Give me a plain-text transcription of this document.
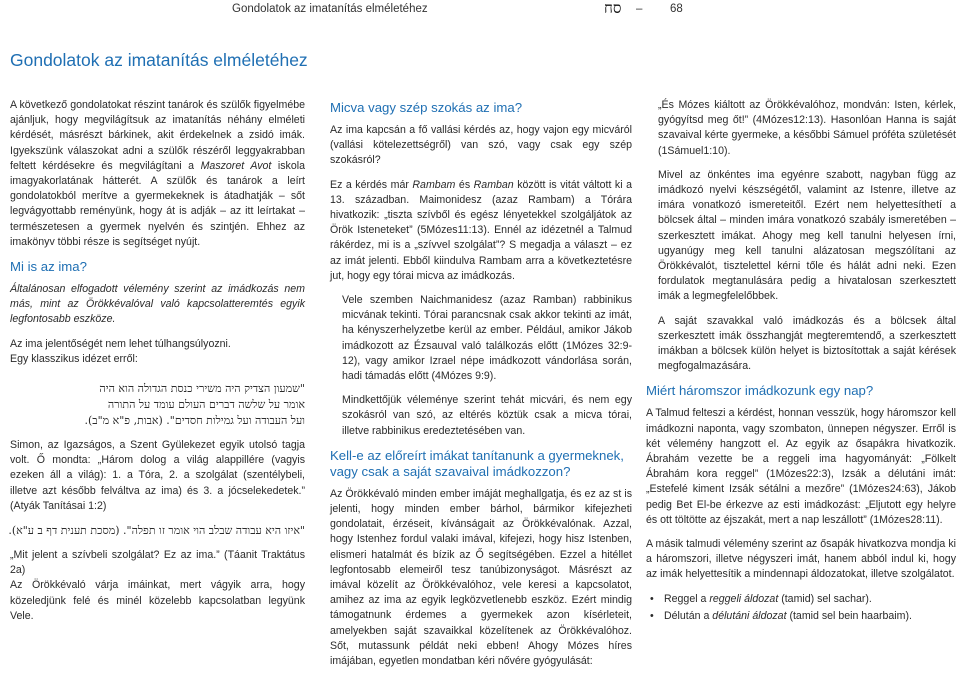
Gondolatok az imatanítás elméletéhez	סח – 68
Gondolatok az imatanítás elméletéhez

A következő gondolatokat részint tanárok és szülők figyelmébe ajánljuk, hogy megvilágítsuk az imatanítás néhány elméleti kérdését, másrészt bárkinek, akit érdekelnek a zsidó imák. Igyekszünk válaszokat adni a szülők részéről leggyakrabban feltett kérdésekre és megvilágítani a Maszoret Avot iskola imagyakorlatának hátterét. A szülők és tanárok a leírt gondolatokból merítve a gyermekeknek is átadhatják – sőt legvágyottabb reményünk, hogy át is adják – az itt leírtakat – természetesen a gyermek nyelvén és szintjén. Ehhez az imakönyv többi része is segítséget nyújt.

Mi is az ima?

Általánosan elfogadott vélemény szerint az imádkozás nem más, mint az Örökkévalóval való kapcsolatteremtés egyik legfontosabb eszköze.

Az ima jelentőségét nem lehet túlhangsúlyozni.
Egy klasszikus idézet erről:

"שמעון הצדיק היה משירי כנסת הגדולה הוא היה
אומר על שלשה דברים העולם עומד על התורה
ועל העבודה ועל גמילות חסדים". (אבות, פ"א מ"ב).

Simon, az Igazságos, a Szent Gyülekezet egyik utolsó tagja volt. Ő mondta: „Három dolog a világ alappillére (vagyis ezeken áll a világ): 1. a Tóra, 2. a szolgálat (szentélybeli, illetve azt később felváltva az ima) és 3. a jócselekedetek.” (Atyák Tanításai 1:2)

"איזו היא עבודה שבלב הוי אומר זו תפלה". (מסכת תענית דף ב ע"א).

„Mit jelent a szívbeli szolgálat? Ez az ima.” (Táanit Traktátus 2a)

Az Örökkévaló várja imáinkat, mert vágyik arra, hogy közeledjünk felé és minél közelebb kapcsolatban legyünk Vele.

Micva vagy szép szokás az ima?

Az ima kapcsán a fő vallási kérdés az, hogy vajon egy micváról (vallási kötelezettségről) van szó, vagy csak egy szép szokásról?

Ez a kérdés már Rambam és Ramban között is vitát váltott ki a 13. században. Maimonidesz (azaz Rambam) a Tórára hivatkozik: „tiszta szívből és egész lényetekkel szolgáljátok az Örök Isteneteket” (5Mózes11:13). Ennél az idézetnél a Talmud rákérdez, mi is a „szívvel szolgálat”? S megadja a választ – ez az imát jelenti. Ebből kiindulva Rambam arra a következtetésre jut, hogy egy tórai micva az imádkozás.

Vele szemben Naichmanidesz (azaz Ramban) rabbinikus micvának tekinti. Tórai parancsnak csak akkor tekinti az imát, ha kényszerhelyzetbe kerül az ember. Például, amikor Jákob imádkozott az Ézsauval való találkozás előtt (1Mózes 32:9-12), vagy amikor Izrael népe imádkozott vándorlása során, hadi támadás előtt (4Mózes 9:9).

Mindkettőjük véleménye szerint tehát micvári, és nem egy szokásról van szó, az eltérés köztük csak a micva tórai, illetve rabbinikus eredeztetésében van.

Kell-e az előreírt imákat tanítanunk a gyermeknek, vagy csak a saját szavaival imádkozzon?

Az Örökkévaló minden ember imáját meghallgatja, és ez az st is jelenti, hogy minden ember bárhol, bármikor kifejezheti gondolatait, érzéseit, kívánságait az Örökkévalónak. Azzal, hogy Istenhez fordul valaki imával, kifejezi, hogy hisz Istenben, elismeri hatalmát és bízik az Ő segítségében. Ezzel a hitéllet legfontosabb elemeiről tesz tanúbizonyságot. Másrészt az imával közelít az Örökkévalóhoz, vele keresi a kapcsolatot, amihez az ima az egyik legközvetlenebb eszköz. Ezért mindig támogatnunk érdemes a gyermekek azon kísérleteit, amelyekben saját szavaikkal közelítenek az Örökkévalóhoz. Sőt, mutassunk példát neki ebben! Ahogy Mózes híres imájában, egyetlen mondatban kéri nővére gyógyulását:

„És Mózes kiáltott az Örökkévalóhoz, mondván: Isten, kérlek, gyógyítsd meg őt!” (4Mózes12:13). Hasonlóan Hanna is saját szavaival kérte gyermeke, a későbbi Sámuel próféta születését (1Sámuel1:10).

Mivel az önkéntes ima egyénre szabott, nagyban függ az imádkozó nyelvi készségétől, valamint az Istenre, illetve az imára vonatkozó ismereteitől. Ezért nem helyettesíthetí a bölcsek által – minden imára vonatkozó szabály ismeretében – szerkesztett imákat. Ahogy meg kell tanulni helyesen írni, ugyanúgy meg kell tanulni alázatosan megszólítani az Örökkévalót, tisztelettel kérni tőle és hálát adni neki. Ezen fordulatok megtanulására pedig a hivatalosan szerkesztett imák a legmegfelelőbbek.

A saját szavakkal való imádkozás és a bölcsek által szerkesztett imák összhangját megteremtendő, a szerkesztett imákban a bölcsek külön helyet is biztosítottak a saját kérések megfogalmazására.

Miért háromszor imádkozunk egy nap?

A Talmud felteszi a kérdést, honnan vesszük, hogy háromszor kell imádkozni naponta, vagy szombaton, ünnepen négyszer. Erről is két vélemény hangzott el. Az egyik az ősapákra hivatkozik. Ábrahám vezette be a reggeli ima hagyományát: „Fölkelt Ábrahám kora reggel” (1Mózes22:3), Izsák a délutáni imát: „Estefelé kiment Izsák sétálni a mezőre” (1Mózes24:63), Jákob pedig Bet El-be érkezve az esti imádkozást: „Eljutott egy helyre és ott töltötte az éjszakát, mert a nap leszállott” (1Mózes28:11).

A másik talmudi vélemény szerint az ősapák hivatkozva mondja ki a háromszori, illetve négyszeri imát, hanem abból indul ki, hogy az imák helyettesítik a mindennapi áldozatokat, illetve szolgálatot.

• Reggel a reggeli áldozat (tamid) sel sachar).
• Délután a délutáni áldozat (tamid sel bein haarbaim).
